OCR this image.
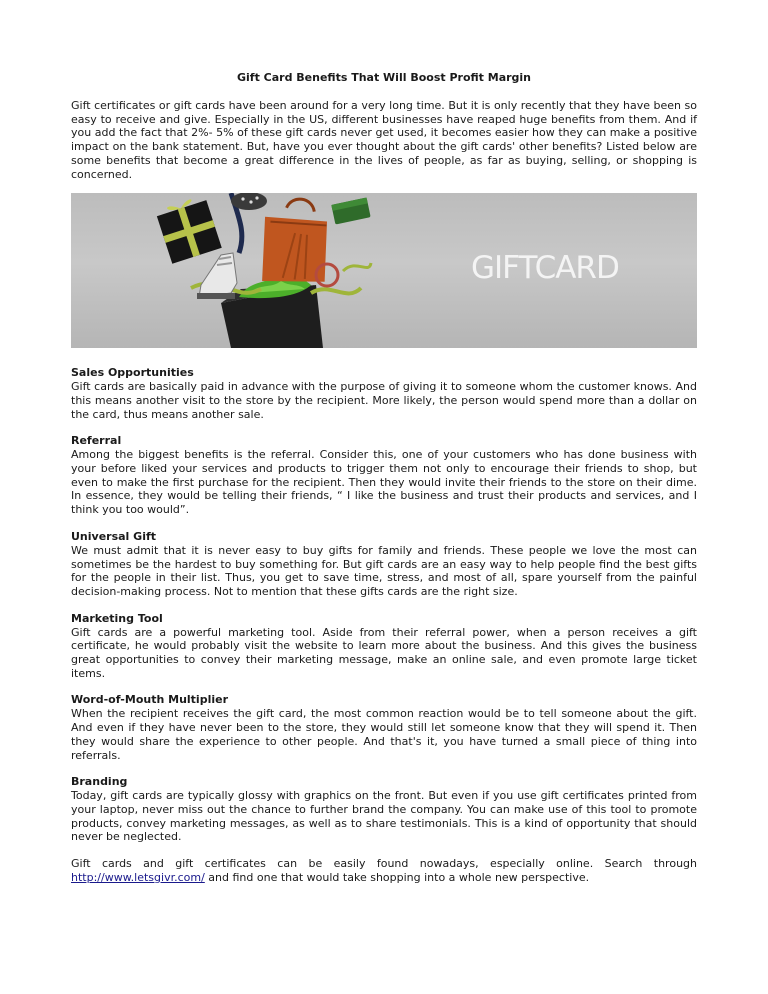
Gift Card Benefits That Will Boost Profit Margin

Gift certificates or gift cards have been around for a very long time. But it is only recently that they have been so easy to receive and give. Especially in the US, different businesses have reaped huge benefits from them. And if you add the fact that 2%- 5% of these gift cards never get used, it becomes easier how they can make a positive impact on the bank statement. But, have you ever thought about the gift cards' other benefits? Listed below are some benefits that become a great difference in the lives of people, as far as buying, selling, or shopping is concerned.

GIFTCARD
Sales Opportunities

Gift cards are basically paid in advance with the purpose of giving it to someone whom the customer knows. And this means another visit to the store by the recipient. More likely, the person would spend more than a dollar on the card, thus means another sale.

Referral

Among the biggest benefits is the referral. Consider this, one of your customers who has done business with your before liked your services and products to trigger them not only to encourage their friends to shop, but even to make the first purchase for the recipient. Then they would invite their friends to the store on their dime. In essence, they would be telling their friends, “ I like the business and trust their products and services, and I think you too would”.

Universal Gift

We must admit that it is never easy to buy gifts for family and friends. These people we love the most can sometimes be the hardest to buy something for. But gift cards are an easy way to help people find the best gifts for the people in their list. Thus, you get to save time, stress, and most of all, spare yourself from the painful decision-making process. Not to mention that these gifts cards are the right size.

Marketing Tool

Gift cards are a powerful marketing tool. Aside from their referral power, when a person receives a gift certificate, he would probably visit the website to learn more about the business. And this gives the business great opportunities to convey their marketing message, make an online sale, and even promote large ticket items.

Word-of-Mouth Multiplier

When the recipient receives the gift card, the most common reaction would be to tell someone about the gift. And even if they have never been to the store, they would still let someone know that they will spend it. Then they would share the experience to other people. And that's it, you have turned a small piece of thing into referrals.

Branding

Today, gift cards are typically glossy with graphics on the front. But even if you use gift certificates printed from your laptop, never miss out the chance to further brand the company. You can make use of this tool to promote products, convey marketing messages, as well as to share testimonials. This is a kind of opportunity that should never be neglected.

Gift cards and gift certificates can be easily found nowadays, especially online. Search through http://www.letsgivr.com/ and find one that would take shopping into a whole new perspective.
